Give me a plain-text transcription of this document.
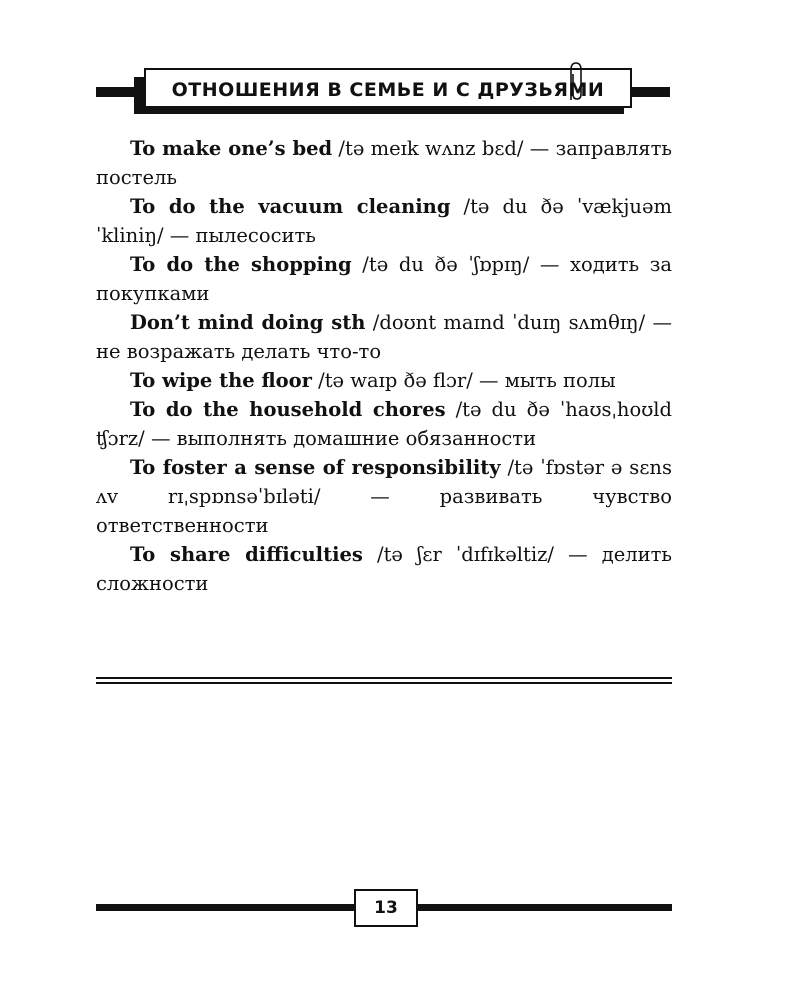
ОТНОШЕНИЯ В СЕМЬЕ И С ДРУЗЬЯМИ

To make one’s bed /tə meɪk wʌnz bɛd/ — заправлять постель

To do the vacuum cleaning /tə du ðə ˈvækjuəm ˈkliniŋ/ — пылесосить

To do the shopping /tə du ðə ˈʃɒpɪŋ/ — ходить за покупками

Don’t mind doing sth /doʊnt maɪnd ˈduɪŋ sʌmθɪŋ/ — не возражать делать что-то

To wipe the floor /tə waɪp ðə flɔr/ — мыть полы

To do the household chores /tə du ðə ˈhaʊsˌhoʊld ʧɔrz/ — выполнять домашние обязанности

To foster a sense of responsibility /tə ˈfɒstər ə sɛns ʌv rɪˌspɒnsəˈbɪləti/	—	развивать чувство ответственности

To share difficulties /tə ʃɛr ˈdɪfɪkəltiz/ — делить сложности

13
